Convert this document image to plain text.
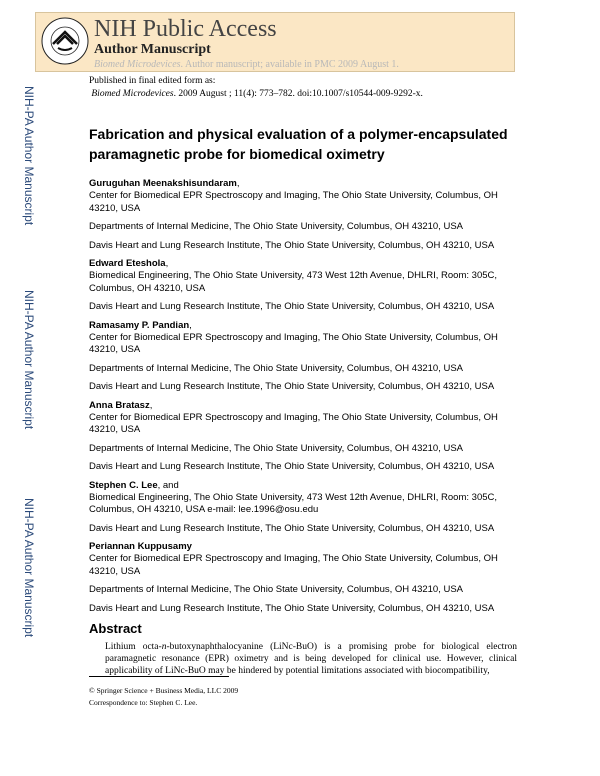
NIH Public Access
Author Manuscript
Biomed Microdevices. Author manuscript; available in PMC 2009 August 1.
Published in final edited form as:
Biomed Microdevices. 2009 August ; 11(4): 773–782. doi:10.1007/s10544-009-9292-x.
NIH-PA Author Manuscript
NIH-PA Author Manuscript
NIH-PA Author Manuscript
Fabrication and physical evaluation of a polymer-encapsulated paramagnetic probe for biomedical oximetry
Guruguhan Meenakshisundaram,
Center for Biomedical EPR Spectroscopy and Imaging, The Ohio State University, Columbus, OH 43210, USA
Departments of Internal Medicine, The Ohio State University, Columbus, OH 43210, USA
Davis Heart and Lung Research Institute, The Ohio State University, Columbus, OH 43210, USA
Edward Eteshola,
Biomedical Engineering, The Ohio State University, 473 West 12th Avenue, DHLRI, Room: 305C, Columbus, OH 43210, USA
Davis Heart and Lung Research Institute, The Ohio State University, Columbus, OH 43210, USA
Ramasamy P. Pandian,
Center for Biomedical EPR Spectroscopy and Imaging, The Ohio State University, Columbus, OH 43210, USA
Departments of Internal Medicine, The Ohio State University, Columbus, OH 43210, USA
Davis Heart and Lung Research Institute, The Ohio State University, Columbus, OH 43210, USA
Anna Bratasz,
Center for Biomedical EPR Spectroscopy and Imaging, The Ohio State University, Columbus, OH 43210, USA
Departments of Internal Medicine, The Ohio State University, Columbus, OH 43210, USA
Davis Heart and Lung Research Institute, The Ohio State University, Columbus, OH 43210, USA
Stephen C. Lee, and
Biomedical Engineering, The Ohio State University, 473 West 12th Avenue, DHLRI, Room: 305C, Columbus, OH 43210, USA e-mail: lee.1996@osu.edu
Davis Heart and Lung Research Institute, The Ohio State University, Columbus, OH 43210, USA
Periannan Kuppusamy
Center for Biomedical EPR Spectroscopy and Imaging, The Ohio State University, Columbus, OH 43210, USA
Departments of Internal Medicine, The Ohio State University, Columbus, OH 43210, USA
Davis Heart and Lung Research Institute, The Ohio State University, Columbus, OH 43210, USA
Abstract
Lithium octa-n-butoxynaphthalocyanine (LiNc-BuO) is a promising probe for biological electron paramagnetic resonance (EPR) oximetry and is being developed for clinical use. However, clinical applicability of LiNc-BuO may be hindered by potential limitations associated with biocompatibility,
© Springer Science + Business Media, LLC 2009
Correspondence to: Stephen C. Lee.
